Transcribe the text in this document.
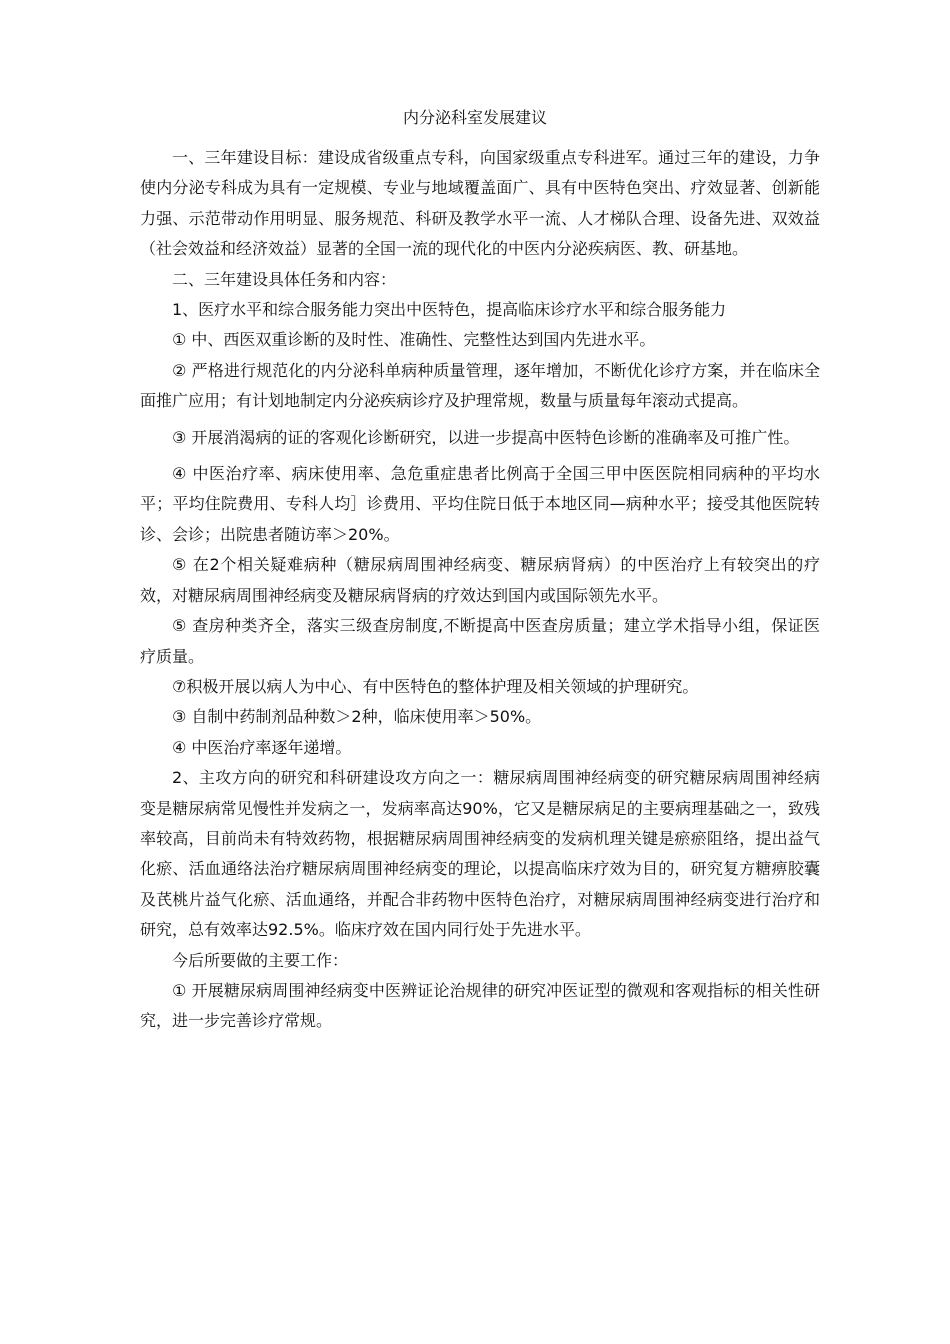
内分泌科室发展建议

一、三年建设目标：建设成省级重点专科，向国家级重点专科进军。通过三年的建设，力争使内分泌专科成为具有一定规模、专业与地域覆盖面广、具有中医特色突出、疗效显著、创新能力强、示范带动作用明显、服务规范、科研及教学水平一流、人才梯队合理、设备先进、双效益（社会效益和经济效益）显著的全国一流的现代化的中医内分泌疾病医、教、研基地。

二、三年建设具体任务和内容：

1、医疗水平和综合服务能力突出中医特色，提高临床诊疗水平和综合服务能力

① 中、西医双重诊断的及时性、准确性、完整性达到国内先进水平。

② 严格进行规范化的内分泌科单病种质量管理，逐年增加，不断优化诊疗方案，并在临床全面推广应用；有计划地制定内分泌疾病诊疗及护理常规，数量与质量每年滚动式提高。

③ 开展消渴病的证的客观化诊断研究，以进一步提高中医特色诊断的准确率及可推广性。

④ 中医治疗率、病床使用率、急危重症患者比例高于全国三甲中医医院相同病种的平均水平；平均住院费用、专科人均］诊费用、平均住院日低于本地区同—病种水平；接受其他医院转诊、会诊；出院患者随访率＞20%。

⑤ 在2个相关疑难病种（糖尿病周围神经病变、糖尿病肾病）的中医治疗上有较突出的疗效，对糖尿病周围神经病变及糖尿病肾病的疗效达到国内或国际领先水平。

⑤ 查房种类齐全，落实三级查房制度,不断提高中医查房质量；建立学术指导小组，保证医疗质量。

⑦积极开展以病人为中心、有中医特色的整体护理及相关领域的护理研究。

③ 自制中药制剂品种数＞2种，临床使用率＞50%。

④ 中医治疗率逐年递增。

2、主攻方向的研究和科研建设攻方向之一：糖尿病周围神经病变的研究糖尿病周围神经病变是糖尿病常见慢性并发病之一，发病率高达90%，它又是糖尿病足的主要病理基础之一，致残率较高，目前尚未有特效药物，根据糖尿病周围神经病变的发病机理关键是瘀瘀阻络，提出益气化瘀、活血通络法治疗糖尿病周围神经病变的理论，以提高临床疗效为目的，研究复方糖痹胶囊及芪桃片益气化瘀、活血通络，并配合非药物中医特色治疗，对糖尿病周围神经病变进行治疗和研究，总有效率达92.5%。临床疗效在国内同行处于先进水平。

今后所要做的主要工作：

① 开展糖尿病周围神经病变中医辨证论治规律的研究冲医证型的微观和客观指标的相关性研究，进一步完善诊疗常规。
